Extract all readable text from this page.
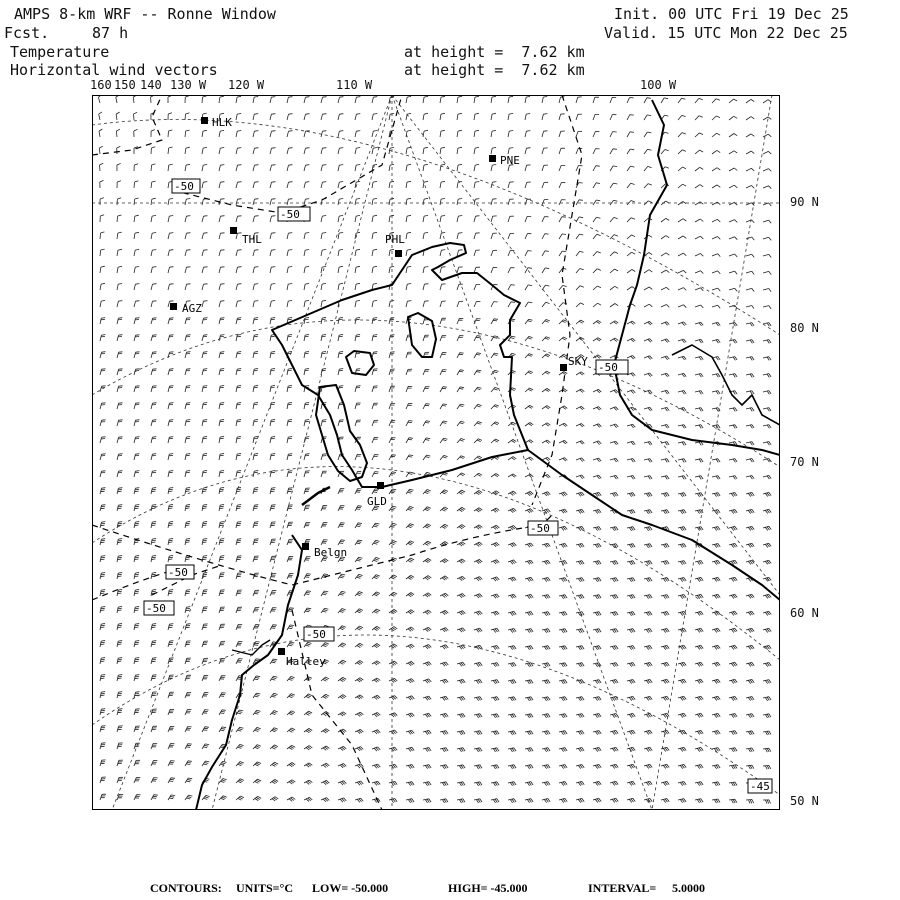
AMPS 8-km WRF -- Ronne Window
Fcst.	87 h
Temperature
Horizontal wind vectors
at height =  7.62 km
at height =  7.62 km
Init. 00 UTC Fri 19 Dec 25
Valid. 15 UTC Mon 22 Dec 25
160 150 140 130 W 120 W	110 W	100 W
90 N
80 N
70 N
60 N
50 N
HLK
PNE
THL	PHL
AGZ
SKY
GLD
Belgn
Halley
-50
-50
-50
-50
-50
-50
-50
-45
CONTOURS: UNITS=°C LOW= -50.000	HIGH= -45.000	INTERVAL= 5.0000
